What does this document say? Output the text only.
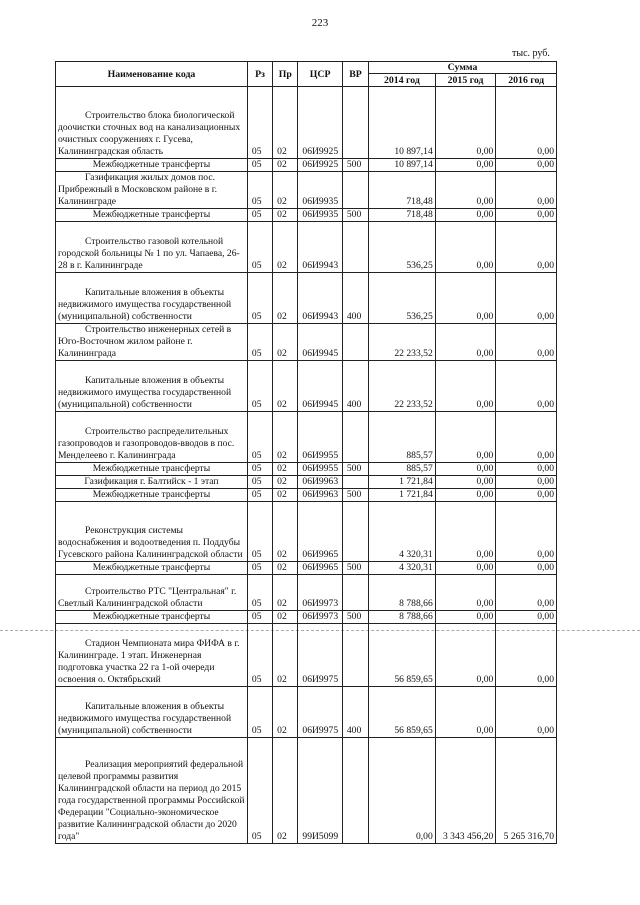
223
тыс. руб.
Наименование кода	Рз	Пр	ЦСР	ВР	Сумма		
					2014 год	2015 год	2016 год
Строительство блока биологической доочистки сточных вод на канализационных очистных сооружениях г. Гусева, Калининградская область	05	02	06И9925		10 897,14	0,00	0,00
Межбюджетные трансферты	05	02	06И9925	500	10 897,14	0,00	0,00
Газификация жилых домов пос. Прибрежный в Московском районе в г. Калининграде	05	02	06И9935		718,48	0,00	0,00
Межбюджетные трансферты	05	02	06И9935	500	718,48	0,00	0,00
Строительство газовой котельной городской больницы № 1 по ул. Чапаева, 26-28 в г. Калининграде	05	02	06И9943		536,25	0,00	0,00
Капитальные вложения в объекты недвижимого имущества государственной (муниципальной) собственности	05	02	06И9943	400	536,25	0,00	0,00
Строительство инженерных сетей в Юго-Восточном жилом районе г. Калининграда	05	02	06И9945		22 233,52	0,00	0,00
Капитальные вложения в объекты недвижимого имущества государственной (муниципальной) собственности	05	02	06И9945	400	22 233,52	0,00	0,00
Строительство распределительных газопроводов и газопроводов-вводов в пос. Менделеево г. Калининграда	05	02	06И9955		885,57	0,00	0,00
Межбюджетные трансферты	05	02	06И9955	500	885,57	0,00	0,00
Газификация г. Балтийск - 1 этап	05	02	06И9963		1 721,84	0,00	0,00
Межбюджетные трансферты	05	02	06И9963	500	1 721,84	0,00	0,00
Реконструкция системы водоснабжения и водоотведения п. Поддубы Гусевского района Калининградской области	05	02	06И9965		4 320,31	0,00	0,00
Межбюджетные трансферты	05	02	06И9965	500	4 320,31	0,00	0,00
Строительство РТС "Центральная" г. Светлый Калининградской области	05	02	06И9973		8 788,66	0,00	0,00
Межбюджетные трансферты	05	02	06И9973	500	8 788,66	0,00	0,00
Стадион Чемпионата мира ФИФА в г. Калининграде. 1 этап. Инженерная подготовка участка 22 га 1-ой очереди освоения о. Октябрьский	05	02	06И9975		56 859,65	0,00	0,00
Капитальные вложения в объекты недвижимого имущества государственной (муниципальной) собственности	05	02	06И9975	400	56 859,65	0,00	0,00
Реализация мероприятий федеральной целевой программы развития Калининградской области на период до 2015 года государственной программы Российской Федерации "Социально-экономическое развитие Калининградской области до 2020 года"	05	02	99И5099		0,00	3 343 456,20	5 265 316,70
